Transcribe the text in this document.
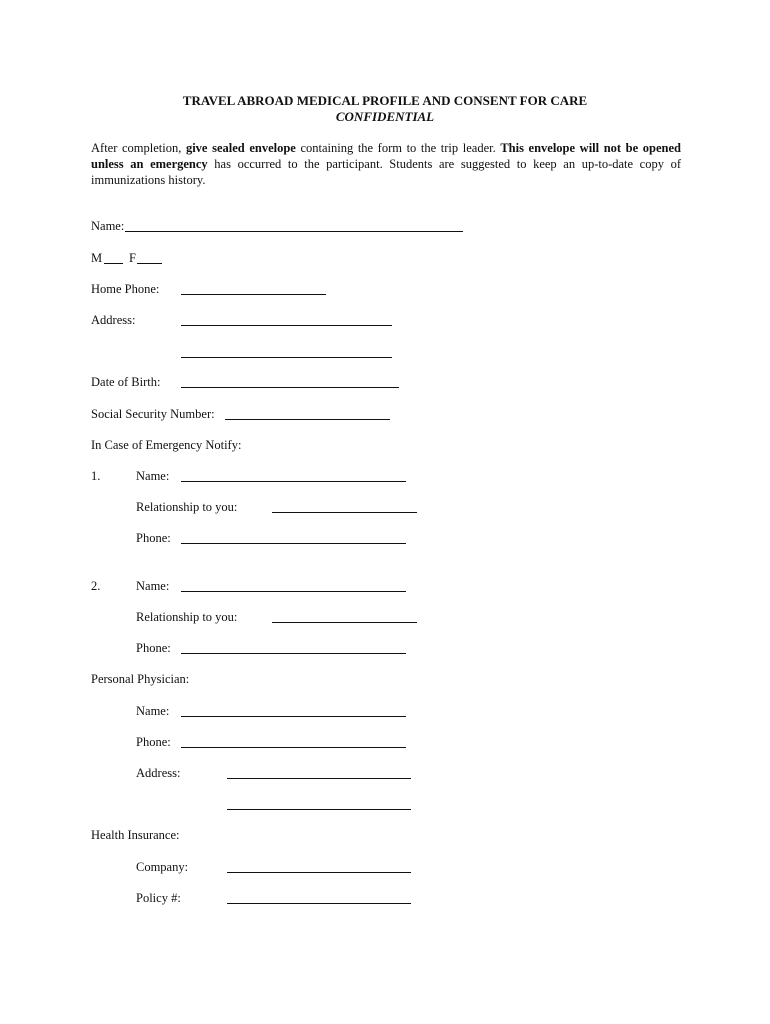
TRAVEL ABROAD MEDICAL PROFILE AND CONSENT FOR CARE
CONFIDENTIAL
After completion, give sealed envelope containing the form to the trip leader. This envelope will not be opened unless an emergency has occurred to the participant. Students are suggested to keep an up-to-date copy of immunizations history.
Name:
M F
Home Phone:
Address:
Date of Birth:
Social Security Number:
In Case of Emergency Notify:
1.	Name:
Relationship to you:
Phone:
2.	Name:
Relationship to you:
Phone:
Personal Physician:
Name:
Phone:
Address:
Health Insurance:
Company:
Policy #:
